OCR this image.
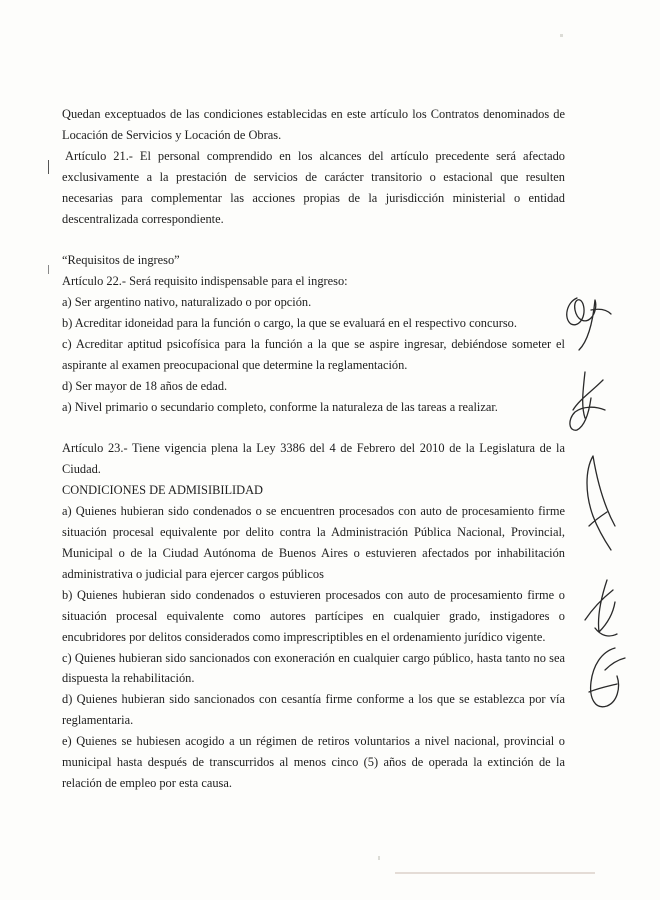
Quedan exceptuados de las condiciones establecidas en este artículo los Contratos denominados de Locación de Servicios y Locación de Obras.

Artículo 21.- El personal comprendido en los alcances del artículo precedente será afectado exclusivamente a la prestación de servicios de carácter transitorio o estacional que resulten necesarias para complementar las acciones propias de la jurisdicción ministerial o entidad descentralizada correspondiente.

“Requisitos de ingreso”

Artículo 22.- Será requisito indispensable para el ingreso:

a) Ser argentino nativo, naturalizado o por opción.

b) Acreditar idoneidad para la función o cargo, la que se evaluará en el respectivo concurso.

c) Acreditar aptitud psicofísica para la función a la que se aspire ingresar, debiéndose someter el aspirante al examen preocupacional que determine la reglamentación.

d) Ser mayor de 18 años de edad.

a) Nivel primario o secundario completo, conforme la naturaleza de las tareas a realizar.

Artículo 23.- Tiene vigencia plena la Ley 3386 del 4 de Febrero del 2010 de la Legislatura de la Ciudad.

CONDICIONES DE ADMISIBILIDAD

a) Quienes hubieran sido condenados o se encuentren procesados con auto de procesamiento firme situación procesal equivalente por delito contra la Administración Pública Nacional, Provincial, Municipal o de la Ciudad Autónoma de Buenos Aires o estuvieren afectados por inhabilitación administrativa o judicial para ejercer cargos públicos

b) Quienes hubieran sido condenados o estuvieren procesados con auto de procesamiento firme o situación procesal equivalente como autores partícipes en cualquier grado, instigadores o encubridores por delitos considerados como imprescriptibles en el ordenamiento jurídico vigente.

c) Quienes hubieran sido sancionados con exoneración en cualquier cargo público, hasta tanto no sea dispuesta la rehabilitación.

d) Quienes hubieran sido sancionados con cesantía firme conforme a los que se establezca por vía reglamentaria.

e) Quienes se hubiesen acogido a un régimen de retiros voluntarios a nivel nacional, provincial o municipal hasta después de transcurridos al menos cinco (5) años de operada la extinción de la relación de empleo por esta causa.
